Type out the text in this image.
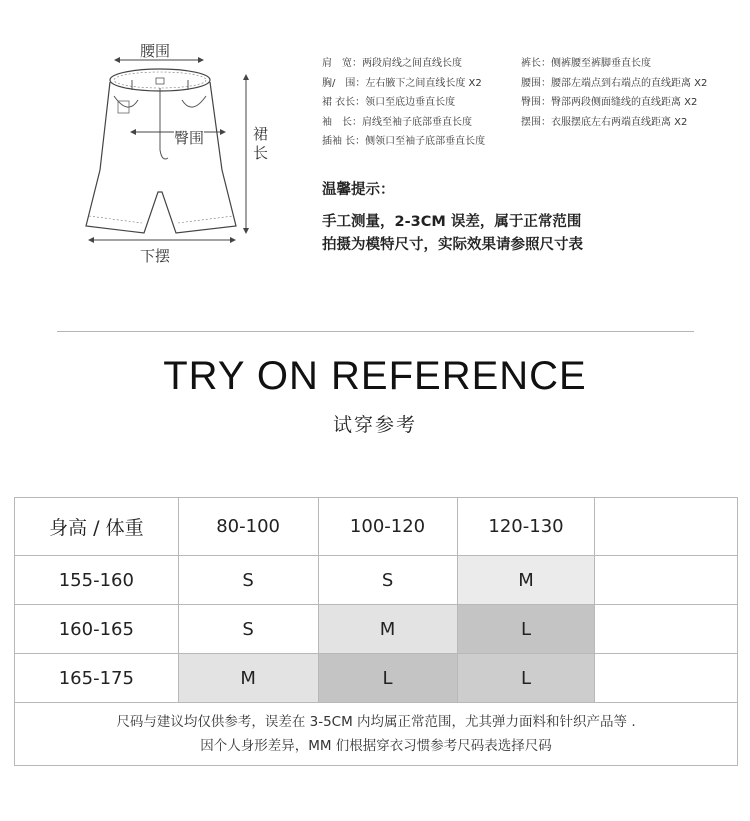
腰围
臀围	裙长
下摆
肩　宽：两段肩线之间直线长度
胸/　围：左右腋下之间直线长度 X2
裙 衣长：领口至底边垂直长度
袖　长：肩线至袖子底部垂直长度
插袖 长：侧领口至袖子底部垂直长度
裤长：侧裤腰至裤脚垂直长度
腰围：腰部左端点到右端点的直线距离 X2
臀围：臀部两段侧面缝线的直线距离 X2
摆围：衣服摆底左右两端直线距离 X2
温馨提示：
手工测量，2-3CM 误差，属于正常范围
拍摄为模特尺寸，实际效果请参照尺寸表
TRY ON REFERENCE
试穿参考
身高 / 体重	80-100	100-120	120-130	
155-160	S	S	M	
160-165	S	M	L	
165-175	M	L	L	

尺码与建议均仅供参考，误差在 3-5CM 内均属正常范围，尤其弹力面料和针织产品等 .
因个人身形差异，MM 们根据穿衣习惯参考尺码表选择尺码				
